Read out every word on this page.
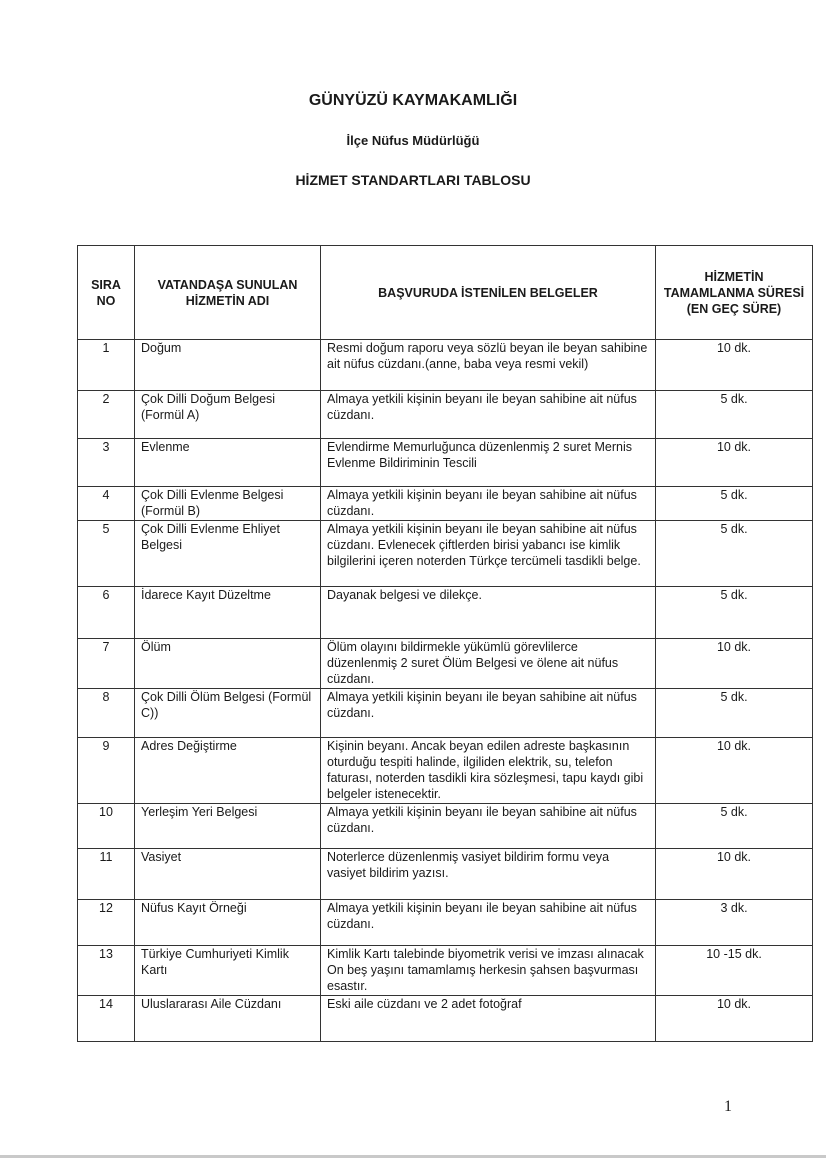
GÜNYÜZÜ KAYMAKAMLIĞI
İlçe Nüfus Müdürlüğü
HİZMET STANDARTLARI TABLOSU
SIRA NO	VATANDAŞA SUNULAN HİZMETİN ADI	BAŞVURUDA İSTENİLEN BELGELER	HİZMETİN TAMAMLANMA SÜRESİ (EN GEÇ SÜRE)
1	Doğum	Resmi doğum raporu veya sözlü beyan ile beyan sahibine ait nüfus cüzdanı.(anne, baba veya resmi vekil)	10 dk.
2	Çok Dilli Doğum Belgesi (Formül A)	Almaya yetkili kişinin beyanı ile beyan sahibine ait nüfus cüzdanı.	5 dk.
3	Evlenme	Evlendirme Memurluğunca düzenlenmiş 2 suret Mernis Evlenme Bildiriminin Tescili	10 dk.
4	Çok Dilli Evlenme Belgesi (Formül B)	Almaya yetkili kişinin beyanı ile beyan sahibine ait nüfus cüzdanı.	5 dk.
5	Çok Dilli Evlenme Ehliyet Belgesi	Almaya yetkili kişinin beyanı ile beyan sahibine ait nüfus cüzdanı. Evlenecek çiftlerden birisi yabancı ise kimlik bilgilerini içeren noterden Türkçe tercümeli tasdikli belge.	5 dk.
6	İdarece Kayıt Düzeltme	Dayanak belgesi ve dilekçe.	5 dk.
7	Ölüm	Ölüm olayını bildirmekle yükümlü görevlilerce düzenlenmiş 2 suret Ölüm Belgesi ve ölene ait nüfus cüzdanı.	10 dk.
8	Çok Dilli Ölüm Belgesi (Formül C))	Almaya yetkili kişinin beyanı ile beyan sahibine ait nüfus cüzdanı.	5 dk.
9	Adres Değiştirme	Kişinin beyanı. Ancak beyan edilen adreste başkasının oturduğu tespiti halinde, ilgiliden elektrik, su, telefon faturası, noterden tasdikli kira sözleşmesi, tapu kaydı gibi belgeler istenecektir.	10 dk.
10	Yerleşim Yeri Belgesi	Almaya yetkili kişinin beyanı ile beyan sahibine ait nüfus cüzdanı.	5 dk.
11	Vasiyet	Noterlerce düzenlenmiş vasiyet bildirim formu veya vasiyet bildirim yazısı.	10 dk.
12	Nüfus Kayıt Örneği	Almaya yetkili kişinin beyanı ile beyan sahibine ait nüfus cüzdanı.	3 dk.
13	Türkiye Cumhuriyeti Kimlik Kartı	Kimlik Kartı talebinde biyometrik verisi ve imzası alınacak On beş yaşını tamamlamış herkesin şahsen başvurması esastır.	10 -15 dk.
14	Uluslararası Aile Cüzdanı	Eski aile cüzdanı ve 2 adet fotoğraf	10 dk.
1
